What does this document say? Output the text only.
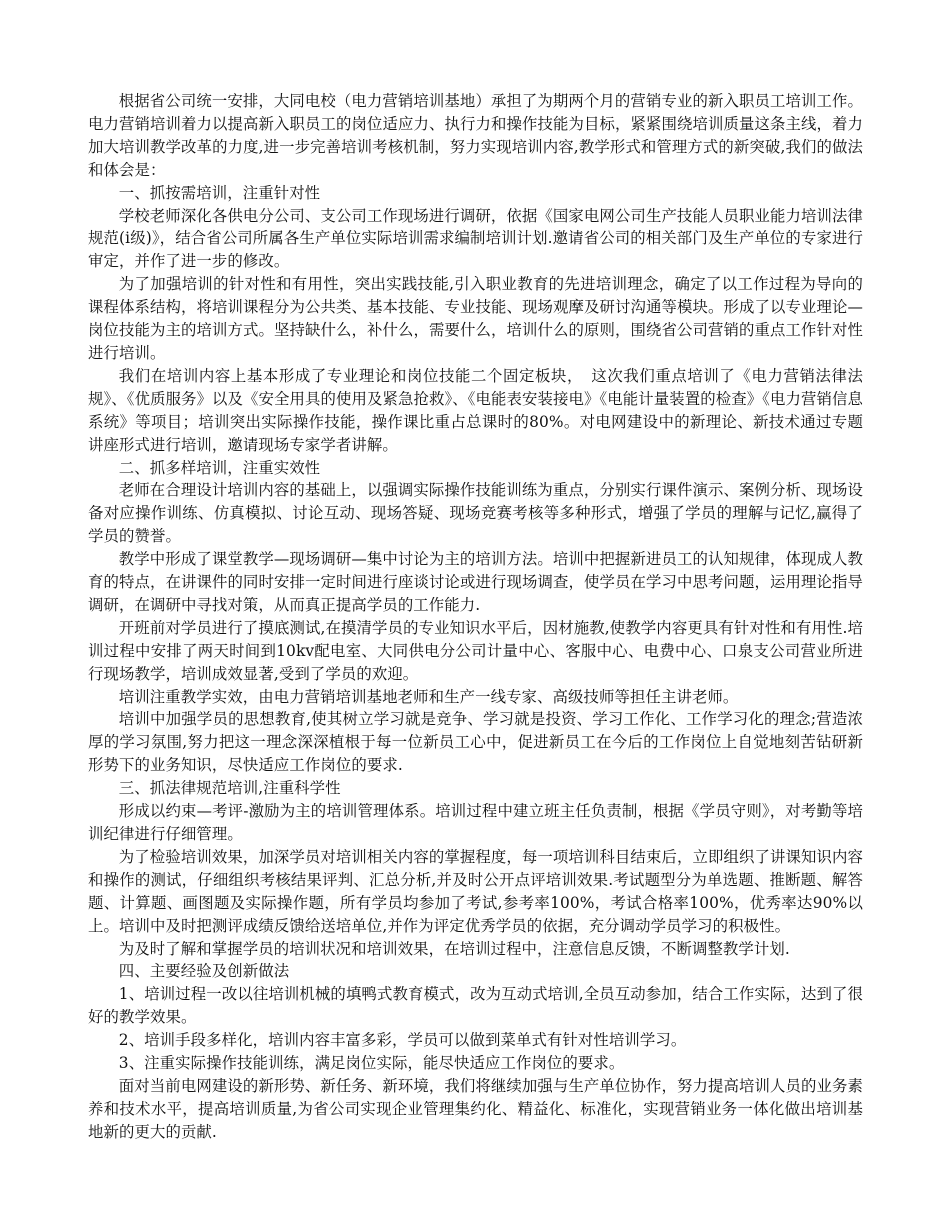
根据省公司统一安排，大同电校（电力营销培训基地）承担了为期两个月的营销专业的新入职员工培训工作。电力营销培训着力以提高新入职员工的岗位适应力、执行力和操作技能为目标，紧紧围绕培训质量这条主线，着力加大培训教学改革的力度,进一步完善培训考核机制，努力实现培训内容,教学形式和管理方式的新突破,我们的做法和体会是：

一、抓按需培训，注重针对性

学校老师深化各供电分公司、支公司工作现场进行调研，依据《国家电网公司生产技能人员职业能力培训法律规范(ⅰ级)》，结合省公司所属各生产单位实际培训需求编制培训计划.邀请省公司的相关部门及生产单位的专家进行审定，并作了进一步的修改。

为了加强培训的针对性和有用性，突出实践技能,引入职业教育的先进培训理念，确定了以工作过程为导向的课程体系结构，将培训课程分为公共类、基本技能、专业技能、现场观摩及研讨沟通等模块。形成了以专业理论—岗位技能为主的培训方式。坚持缺什么，补什么，需要什么，培训什么的原则，围绕省公司营销的重点工作针对性进行培训。

我们在培训内容上基本形成了专业理论和岗位技能二个固定板块，　这次我们重点培训了《电力营销法律法规》、《优质服务》以及《安全用具的使用及紧急抢救》、《电能表安装接电》《电能计量装置的检查》《电力营销信息系统》等项目；培训突出实际操作技能，操作课比重占总课时的80%。对电网建设中的新理论、新技术通过专题讲座形式进行培训，邀请现场专家学者讲解。

二、抓多样培训，注重实效性

老师在合理设计培训内容的基础上，以强调实际操作技能训练为重点，分别实行课件演示、案例分析、现场设备对应操作训练、仿真模拟、讨论互动、现场答疑、现场竞赛考核等多种形式，增强了学员的理解与记忆,赢得了学员的赞誉。

教学中形成了课堂教学—现场调研—集中讨论为主的培训方法。培训中把握新进员工的认知规律，体现成人教育的特点，在讲课件的同时安排一定时间进行座谈讨论或进行现场调查，使学员在学习中思考问题，运用理论指导调研，在调研中寻找对策，从而真正提高学员的工作能力.

开班前对学员进行了摸底测试,在摸清学员的专业知识水平后，因材施教,使教学内容更具有针对性和有用性.培训过程中安排了两天时间到10kv配电室、大同供电分公司计量中心、客服中心、电费中心、口泉支公司营业所进行现场教学，培训成效显著,受到了学员的欢迎。

培训注重教学实效，由电力营销培训基地老师和生产一线专家、高级技师等担任主讲老师。

培训中加强学员的思想教育,使其树立学习就是竞争、学习就是投资、学习工作化、工作学习化的理念;营造浓厚的学习氛围,努力把这一理念深深植根于每一位新员工心中，促进新员工在今后的工作岗位上自觉地刻苦钻研新形势下的业务知识，尽快适应工作岗位的要求.

三、抓法律规范培训,注重科学性

形成以约束—考评-激励为主的培训管理体系。培训过程中建立班主任负责制，根据《学员守则》，对考勤等培训纪律进行仔细管理。

为了检验培训效果，加深学员对培训相关内容的掌握程度，每一项培训科目结束后，立即组织了讲课知识内容和操作的测试，仔细组织考核结果评判、汇总分析,并及时公开点评培训效果.考试题型分为单选题、推断题、解答题、计算题、画图题及实际操作题，所有学员均参加了考试,参考率100%，考试合格率100%，优秀率达90%以上。培训中及时把测评成绩反馈给送培单位,并作为评定优秀学员的依据，充分调动学员学习的积极性。

为及时了解和掌握学员的培训状况和培训效果，在培训过程中，注意信息反馈，不断调整教学计划.

四、主要经验及创新做法

1、培训过程一改以往培训机械的填鸭式教育模式，改为互动式培训,全员互动参加，结合工作实际，达到了很好的教学效果。

2、培训手段多样化，培训内容丰富多彩，学员可以做到菜单式有针对性培训学习。

3、注重实际操作技能训练，满足岗位实际，能尽快适应工作岗位的要求。

面对当前电网建设的新形势、新任务、新环境，我们将继续加强与生产单位协作，努力提高培训人员的业务素养和技术水平，提高培训质量,为省公司实现企业管理集约化、精益化、标准化，实现营销业务一体化做出培训基地新的更大的贡献.
